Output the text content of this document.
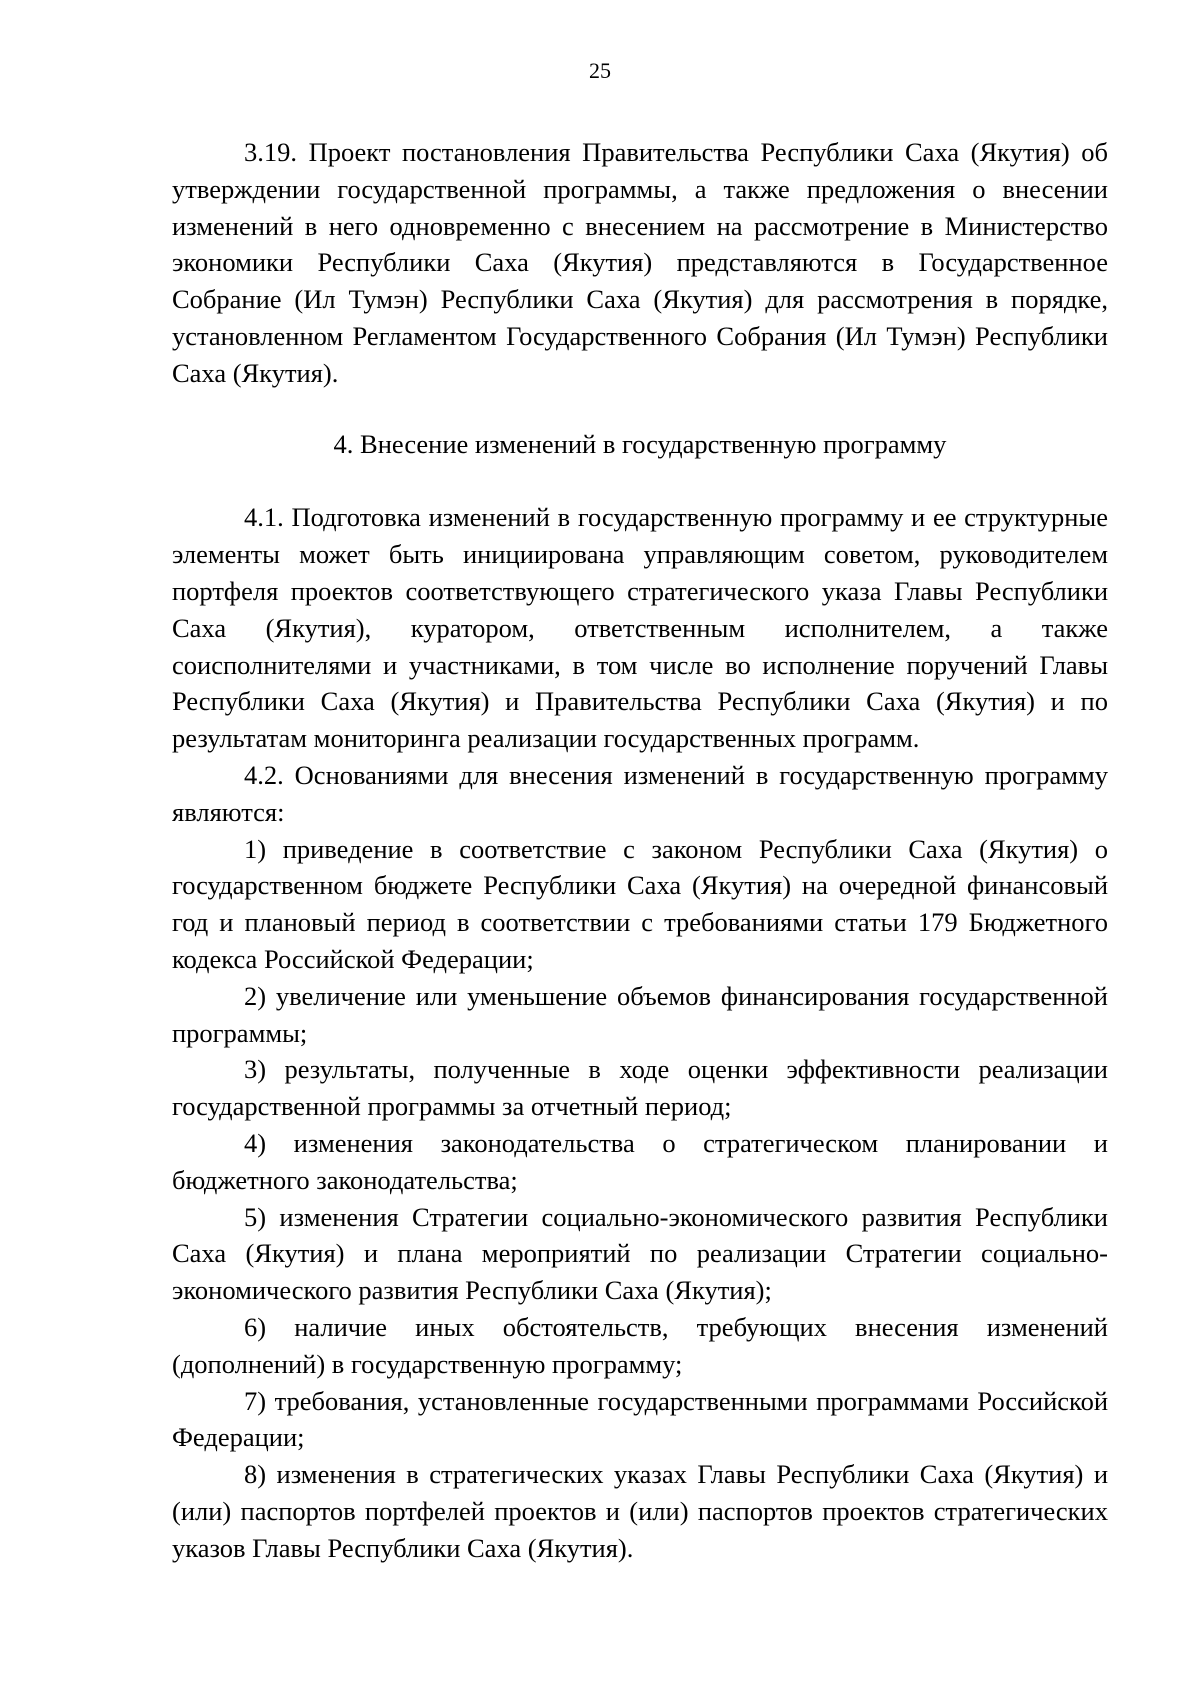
25

3.19. Проект постановления Правительства Республики Саха (Якутия) об утверждении государственной программы, а также предложения о внесении изменений в него одновременно с внесением на рассмотрение в Министерство экономики Республики Саха (Якутия) представляются в Государственное Собрание (Ил Тумэн) Республики Саха (Якутия) для рассмотрения в порядке, установленном Регламентом Государственного Собрания (Ил Тумэн) Республики Саха (Якутия).

4. Внесение изменений в государственную программу

4.1. Подготовка изменений в государственную программу и ее структурные элементы может быть инициирована управляющим советом, руководителем портфеля проектов соответствующего стратегического указа Главы Республики Саха (Якутия), куратором, ответственным исполнителем, а также соисполнителями и участниками, в том числе во исполнение поручений Главы Республики Саха (Якутия) и Правительства Республики Саха (Якутия) и по результатам мониторинга реализации государственных программ.

4.2. Основаниями для внесения изменений в государственную программу являются:

1) приведение в соответствие с законом Республики Саха (Якутия) о государственном бюджете Республики Саха (Якутия) на очередной финансовый год и плановый период в соответствии с требованиями статьи 179 Бюджетного кодекса Российской Федерации;

2) увеличение или уменьшение объемов финансирования государственной программы;

3) результаты, полученные в ходе оценки эффективности реализации государственной программы за отчетный период;

4) изменения законодательства о стратегическом планировании и бюджетного законодательства;

5) изменения Стратегии социально-экономического развития Республики Саха (Якутия) и плана мероприятий по реализации Стратегии социально-экономического развития Республики Саха (Якутия);

6) наличие иных обстоятельств, требующих внесения изменений (дополнений) в государственную программу;

7) требования, установленные государственными программами Российской Федерации;

8) изменения в стратегических указах Главы Республики Саха (Якутия) и (или) паспортов портфелей проектов и (или) паспортов проектов стратегических указов Главы Республики Саха (Якутия).
